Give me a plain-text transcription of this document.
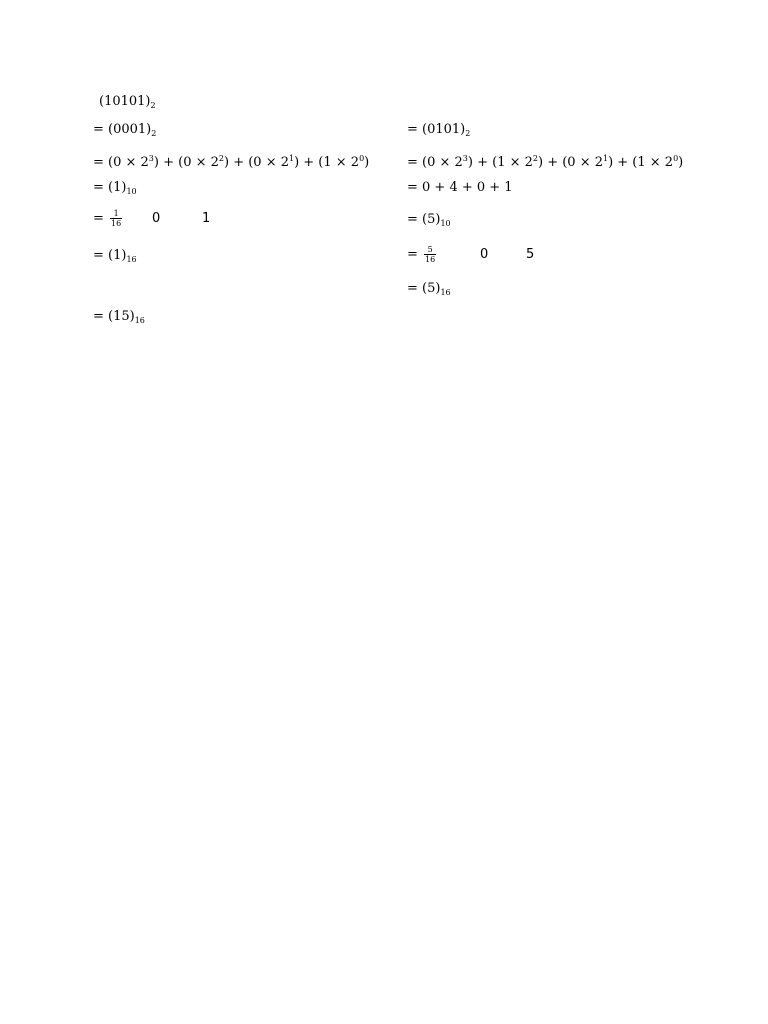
$(10101)_2$
= $(0001)_2$
= $(0 \times 2^3) + (0 \times 2^2) + (0 \times 2^1) + (1 \times 2^0)$
= $(1)_{10}$
= $\frac{1}{16} 0$	1
= $(1)_{16}$
= $(15)_{16}$
= $(0101)_2$
= $(0 \times 2^3) + (1 \times 2^2) + (0 \times 2^1) + (1 \times 2^0)$
= 0 + 4 + 0 + 1
= $(5)_{10}$
= $\frac{5}{16}$	0	5
= $(5)_{16}$
